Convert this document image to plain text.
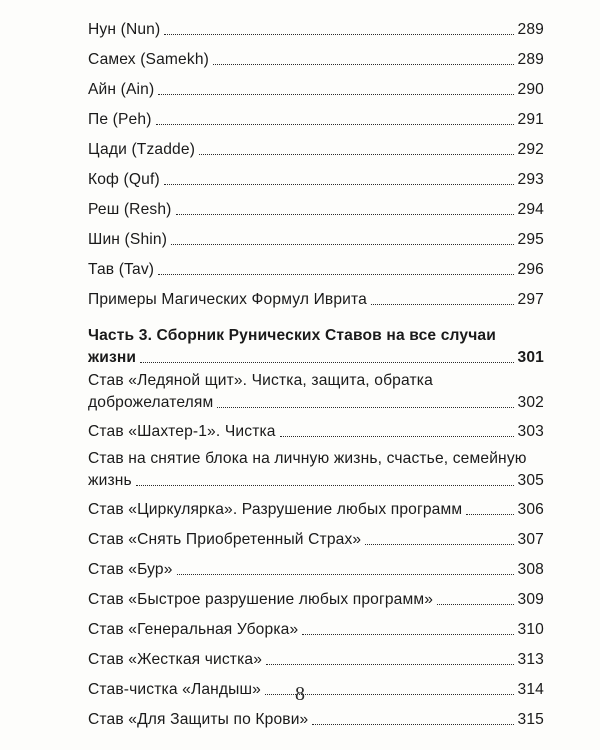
Нун (Nun)	289
Самех (Samekh)	289
Айн (Ain)	290
Пе (Peh)	291
Цади (Tzadde)	292
Коф (Quf)	293
Реш (Resh)	294
Шин (Shin)	295
Тав (Tav)	296
Примеры Магических Формул Иврита	297
Часть 3. Сборник Рунических Ставов на все случаи
жизни	301
Став «Ледяной щит». Чистка, защита, обратка
доброжелателям	302
Став «Шахтер-1». Чистка	303
Став на снятие блока на личную жизнь, счастье, семейную
жизнь	305
Став «Циркулярка». Разрушение любых программ	306
Став «Снять Приобретенный Страх»	307
Став «Бур»	308
Став «Быстрое разрушение любых программ»	309
Став «Генеральная Уборка»	310
Став «Жесткая чистка»	313
Став-чистка «Ландыш»	314
Став «Для Защиты по Крови»	315
8
